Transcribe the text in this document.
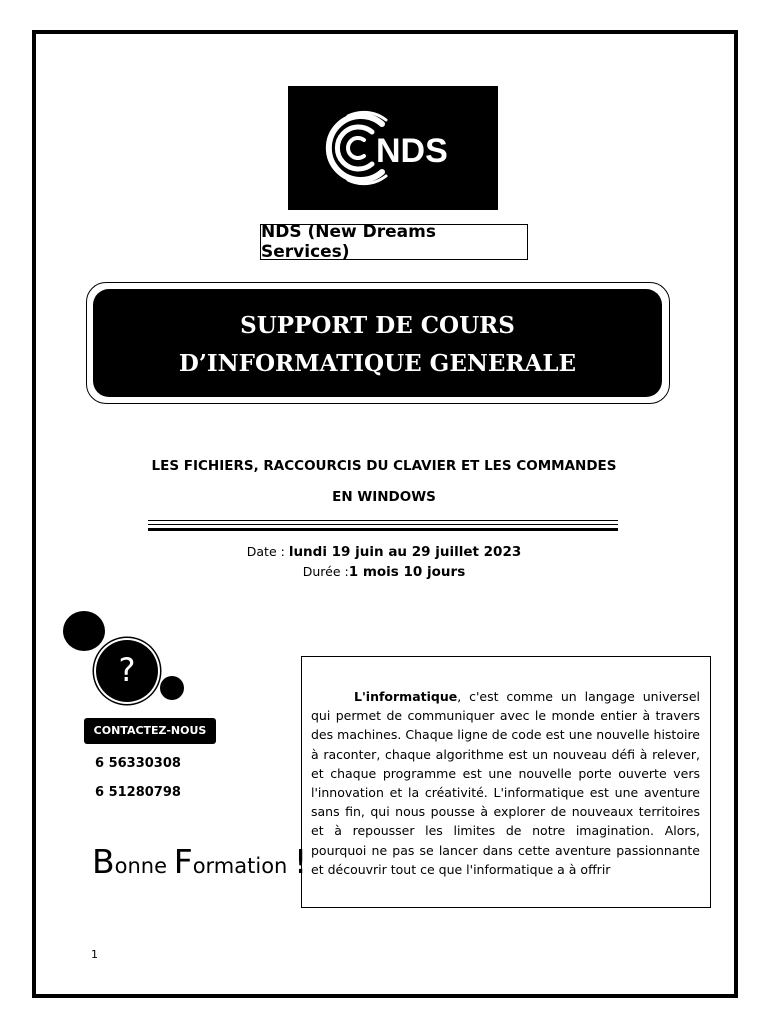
NDS
NDS (New Dreams Services)
SUPPORT DE COURS
D’INFORMATIQUE GENERALE
LES FICHIERS, RACCOURCIS DU CLAVIER ET LES COMMANDES
EN WINDOWS
Date : lundi 19 juin au 29 juillet 2023
Durée :1 mois 10 jours
?
CONTACTEZ-NOUS
6 56330308
6 51280798
Bonne Formation !
L'informatique, c'est comme un langage universel qui permet de communiquer avec le monde entier à travers des machines. Chaque ligne de code est une nouvelle histoire à raconter, chaque algorithme est un nouveau défi à relever, et chaque programme est une nouvelle porte ouverte vers l'innovation et la créativité. L'informatique est une aventure sans fin, qui nous pousse à explorer de nouveaux territoires et à repousser les limites de notre imagination. Alors, pourquoi ne pas se lancer dans cette aventure passionnante et découvrir tout ce que l'informatique a à offrir
1
